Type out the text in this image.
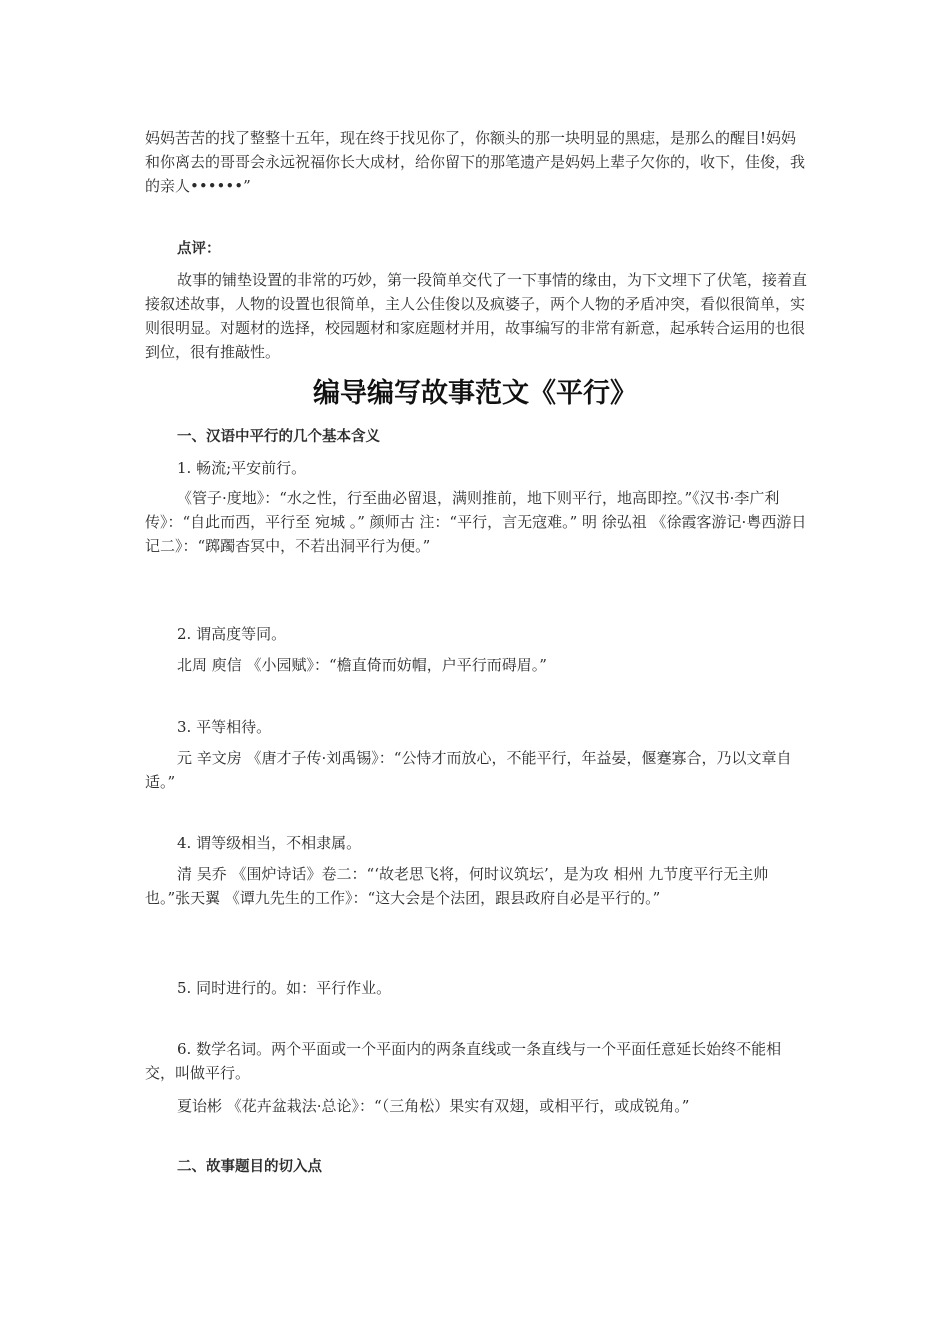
妈妈苦苦的找了整整十五年，现在终于找见你了，你额头的那一块明显的黑痣，是那么的醒目!妈妈和你离去的哥哥会永远祝福你长大成材，给你留下的那笔遗产是妈妈上辈子欠你的，收下，佳俊，我的亲人••••••”

点评：

故事的铺垫设置的非常的巧妙，第一段简单交代了一下事情的缘由，为下文埋下了伏笔，接着直接叙述故事，人物的设置也很简单，主人公佳俊以及疯婆子，两个人物的矛盾冲突，看似很简单，实则很明显。对题材的选择，校园题材和家庭题材并用，故事编写的非常有新意，起承转合运用的也很到位，很有推敲性。

编导编写故事范文《平行》

一、汉语中平行的几个基本含义

1. 畅流;平安前行。

《管子·度地》：“水之性，行至曲必留退，满则推前，地下则平行，地高即控。”《汉书·李广利传》：“自此而西，平行至 宛城 。” 颜师古 注：“平行，言无寇难。” 明 徐弘祖 《徐霞客游记·粤西游日记二》：“踯躅杳冥中，不若出洞平行为便。”

2. 谓高度等同。

北周 庾信 《小园赋》：“檐直倚而妨帽，户平行而碍眉。”

3. 平等相待。

元 辛文房 《唐才子传·刘禹锡》：“公恃才而放心，不能平行，年益晏，偃蹇寡合，乃以文章自适。”

4. 谓等级相当，不相隶属。

清 吴乔 《围炉诗话》卷二：“‘故老思飞将，何时议筑坛’，是为攻 相州 九节度平行无主帅也。”张天翼 《谭九先生的工作》：“这大会是个法团，跟县政府自必是平行的。”

5. 同时进行的。如：平行作业。

6. 数学名词。两个平面或一个平面内的两条直线或一条直线与一个平面任意延长始终不能相交，叫做平行。

夏诒彬 《花卉盆栽法·总论》：“（三角松）果实有双翅，或相平行，或成锐角。”

二、故事题目的切入点
